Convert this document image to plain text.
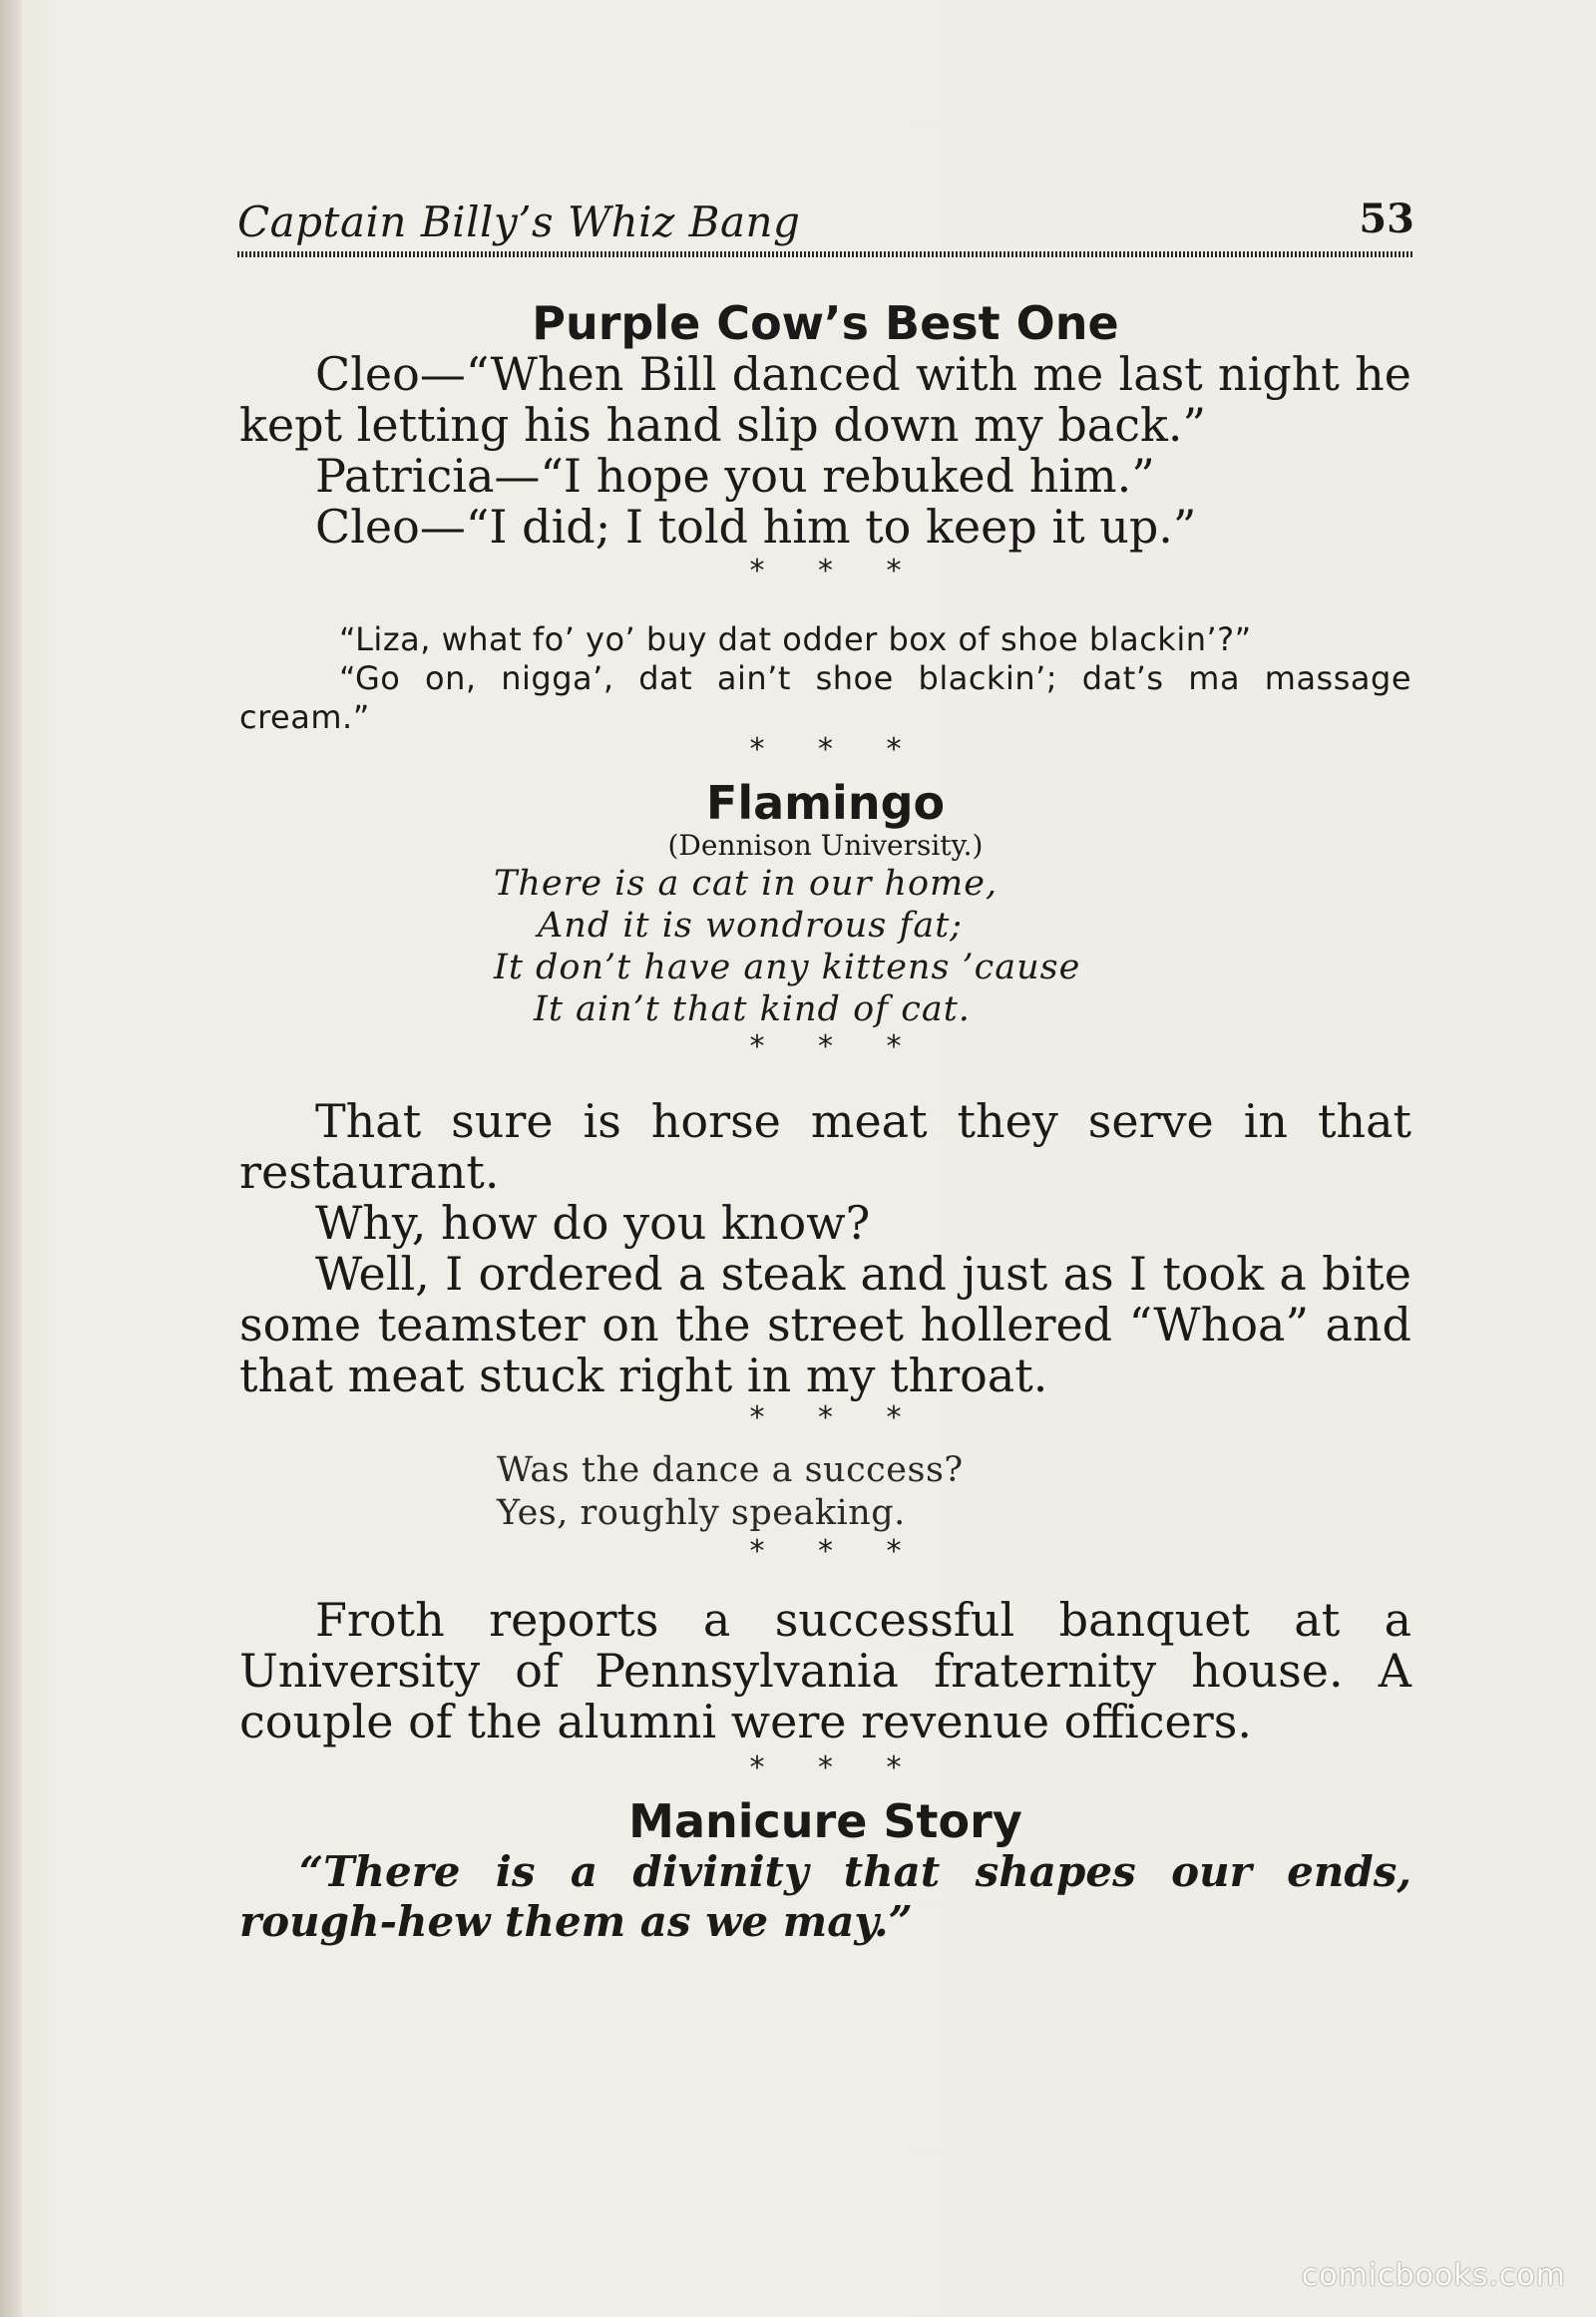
Captain Billy’s Whiz Bang	53
Purple Cow’s Best One

Cleo—“When Bill danced with me last night he kept letting his hand slip down my back.”

Patricia—“I hope you rebuked him.”

Cleo—“I did; I told him to keep it up.”

* * *

“Liza, what fo’ yo’ buy dat odder box of shoe blackin’?”

“Go on, nigga’, dat ain’t shoe blackin’; dat’s ma massage cream.”

* * *

Flamingo

(Dennison University.)

There is a cat in our home,

And it is wondrous fat;

It don’t have any kittens ’cause

It ain’t that kind of cat.

* * *

That sure is horse meat they serve in that restaurant.

Why, how do you know?

Well, I ordered a steak and just as I took a bite some teamster on the street hollered “Whoa” and that meat stuck right in my throat.

* * *

Was the dance a success?

Yes, roughly speaking.

* * *

Froth reports a successful banquet at a University of Pennsylvania fraternity house. A couple of the alumni were revenue officers.

* * *

Manicure Story

“There is a divinity that shapes our ends, rough-hew them as we may.”

comicbooks.com
